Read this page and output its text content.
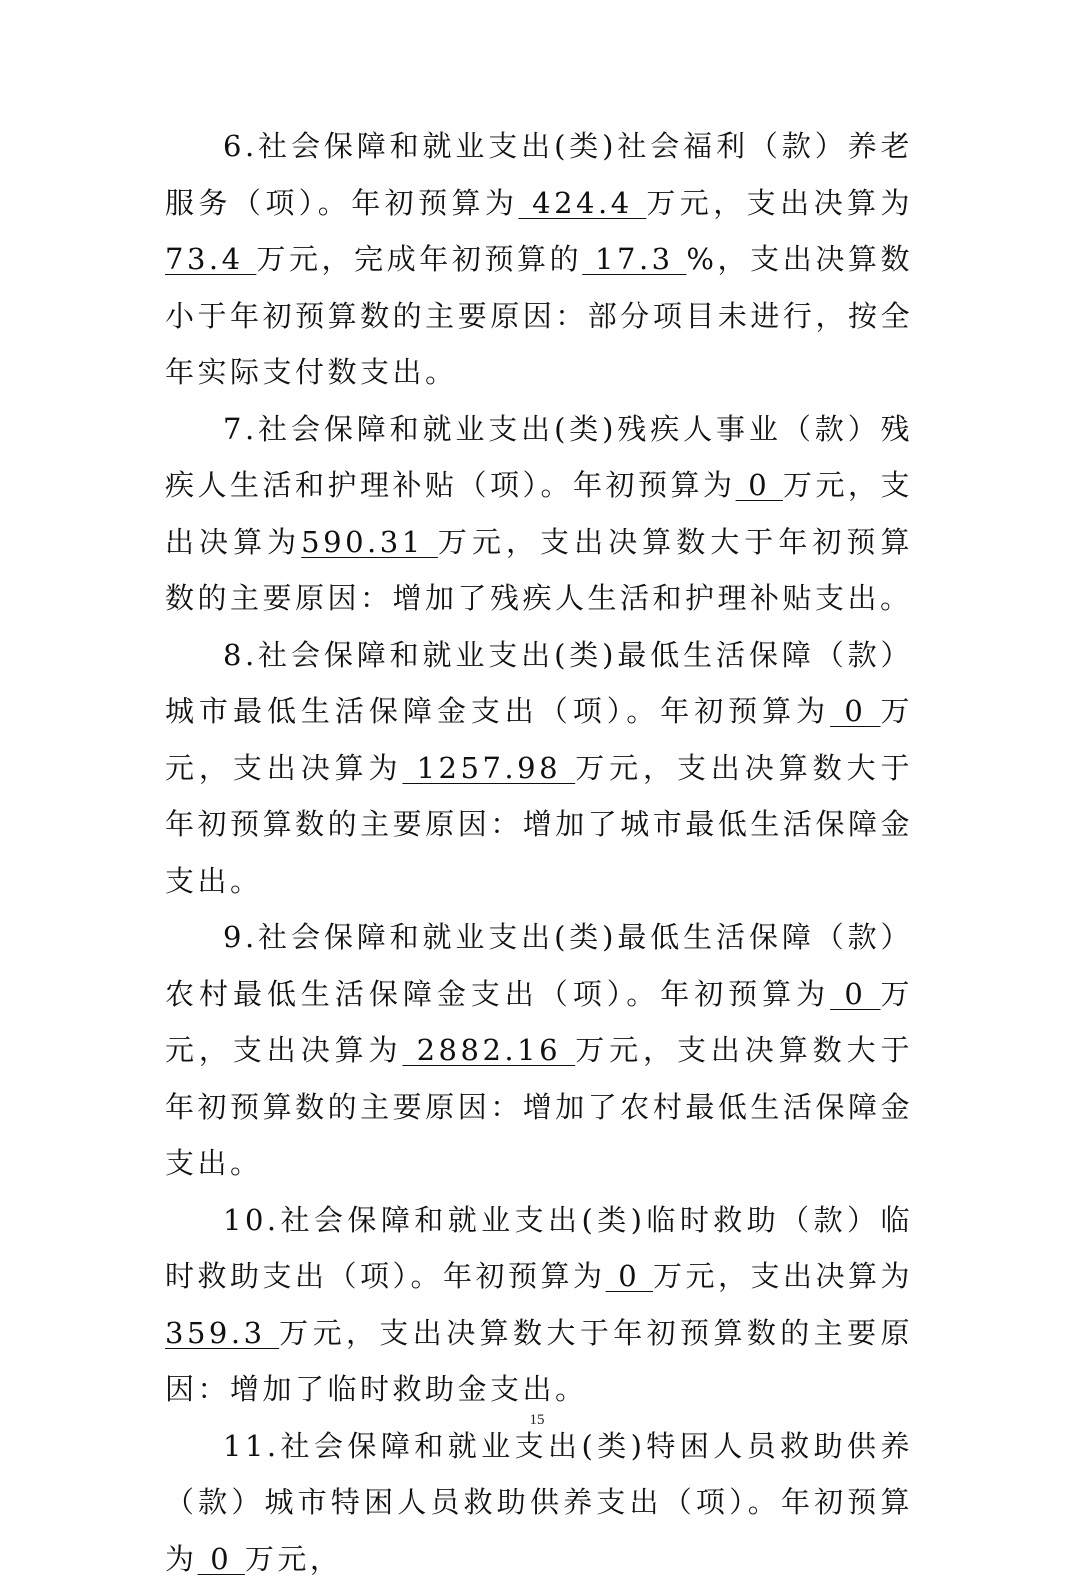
6.社会保障和就业支出(类)社会福利（款）养老服务（项）。年初预算为 424.4 万元，支出决算为 73.4 万元，完成年初预算的 17.3 %，支出决算数小于年初预算数的主要原因：部分项目未进行，按全年实际支付数支出。

7.社会保障和就业支出(类)残疾人事业（款）残疾人生活和护理补贴（项）。年初预算为 0 万元，支出决算为590.31 万元，支出决算数大于年初预算数的主要原因：增加了残疾人生活和护理补贴支出。

8.社会保障和就业支出(类)最低生活保障（款）城市最低生活保障金支出（项）。年初预算为 0 万元，支出决算为 1257.98 万元，支出决算数大于年初预算数的主要原因：增加了城市最低生活保障金支出。

9.社会保障和就业支出(类)最低生活保障（款）农村最低生活保障金支出（项）。年初预算为 0 万元，支出决算为 2882.16 万元，支出决算数大于年初预算数的主要原因：增加了农村最低生活保障金支出。

10.社会保障和就业支出(类)临时救助（款）临时救助支出（项）。年初预算为 0 万元，支出决算为 359.3 万元，支出决算数大于年初预算数的主要原因：增加了临时救助金支出。

11.社会保障和就业支出(类)特困人员救助供养（款）城市特困人员救助供养支出（项）。年初预算为 0 万元，

15
